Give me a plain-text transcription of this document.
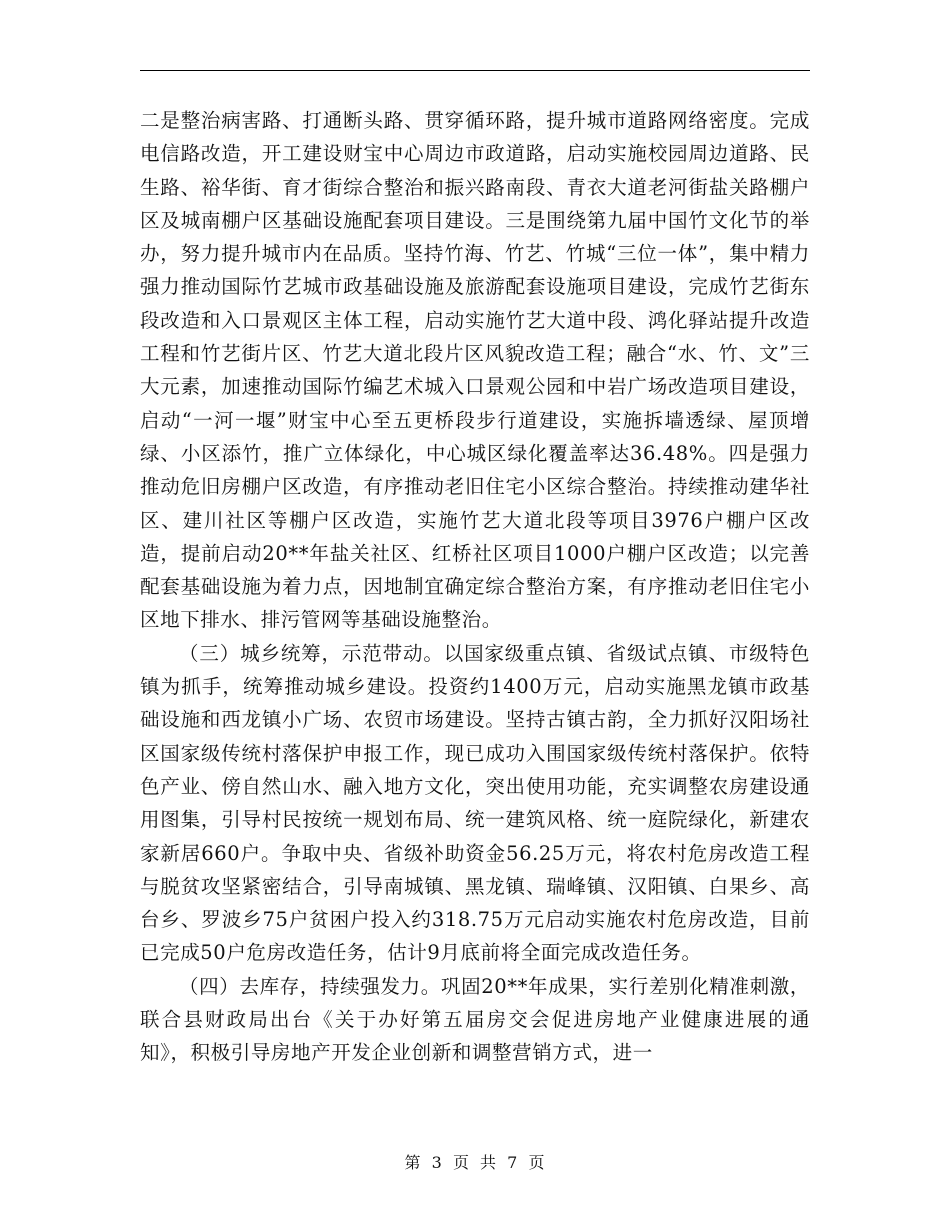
二是整治病害路、打通断头路、贯穿循环路，提升城市道路网络密度。完成电信路改造，开工建设财宝中心周边市政道路，启动实施校园周边道路、民生路、裕华街、育才街综合整治和振兴路南段、青衣大道老河街盐关路棚户区及城南棚户区基础设施配套项目建设。三是围绕第九届中国竹文化节的举办，努力提升城市内在品质。坚持竹海、竹艺、竹城“三位一体”，集中精力强力推动国际竹艺城市政基础设施及旅游配套设施项目建设，完成竹艺街东段改造和入口景观区主体工程，启动实施竹艺大道中段、鸿化驿站提升改造工程和竹艺街片区、竹艺大道北段片区风貌改造工程；融合“水、竹、文”三大元素，加速推动国际竹编艺术城入口景观公园和中岩广场改造项目建设，启动“一河一堰”财宝中心至五更桥段步行道建设，实施拆墙透绿、屋顶增绿、小区添竹，推广立体绿化，中心城区绿化覆盖率达36.48%。四是强力推动危旧房棚户区改造，有序推动老旧住宅小区综合整治。持续推动建华社区、建川社区等棚户区改造，实施竹艺大道北段等项目3976户棚户区改造，提前启动20**年盐关社区、红桥社区项目1000户棚户区改造；以完善配套基础设施为着力点，因地制宜确定综合整治方案，有序推动老旧住宅小区地下排水、排污管网等基础设施整治。

（三）城乡统筹，示范带动。以国家级重点镇、省级试点镇、市级特色镇为抓手，统筹推动城乡建设。投资约1400万元，启动实施黑龙镇市政基础设施和西龙镇小广场、农贸市场建设。坚持古镇古韵，全力抓好汉阳场社区国家级传统村落保护申报工作，现已成功入围国家级传统村落保护。依特色产业、傍自然山水、融入地方文化，突出使用功能，充实调整农房建设通用图集，引导村民按统一规划布局、统一建筑风格、统一庭院绿化，新建农家新居660户。争取中央、省级补助资金56.25万元，将农村危房改造工程与脱贫攻坚紧密结合，引导南城镇、黑龙镇、瑞峰镇、汉阳镇、白果乡、高台乡、罗波乡75户贫困户投入约318.75万元启动实施农村危房改造，目前已完成50户危房改造任务，估计9月底前将全面完成改造任务。

（四）去库存，持续强发力。巩固20**年成果，实行差别化精准刺激，联合县财政局出台《关于办好第五届房交会促进房地产业健康进展的通知》，积极引导房地产开发企业创新和调整营销方式，进一

第 3 页 共 7 页
